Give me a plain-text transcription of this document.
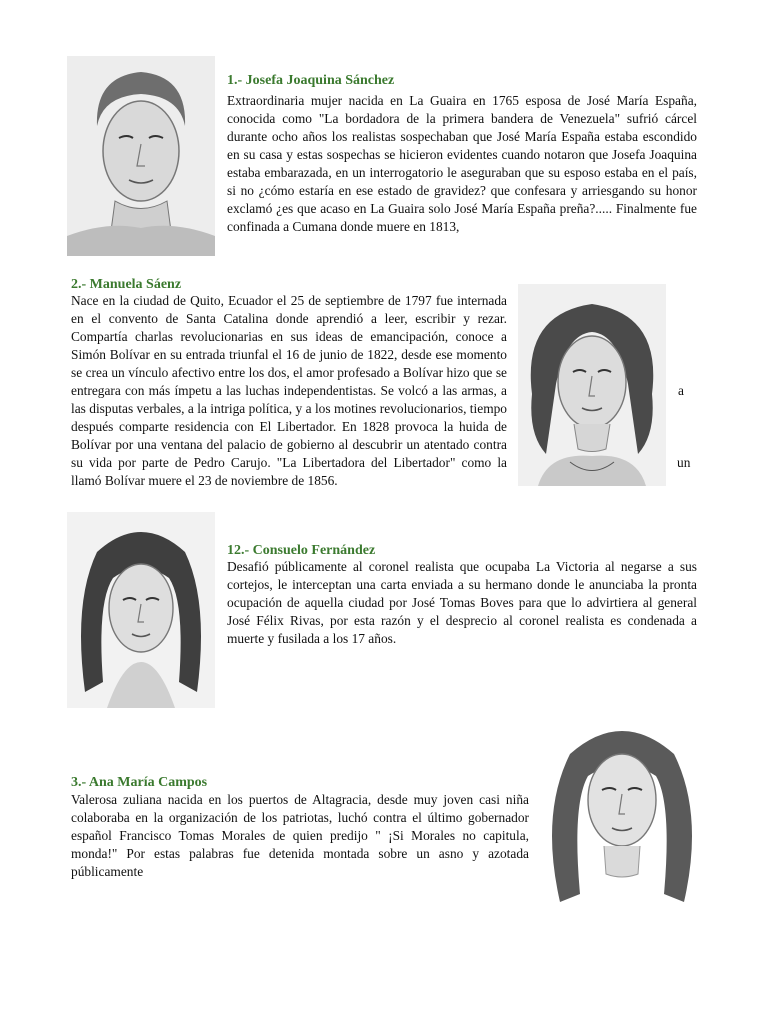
1.- Josefa Joaquina Sánchez
Extraordinaria mujer nacida en La Guaira en 1765 esposa de José María España, conocida como "La bordadora de la primera bandera de Venezuela" sufrió cárcel durante ocho años los realistas sospechaban que José María España estaba escondido en su casa y estas sospechas se hicieron evidentes cuando notaron que Josefa Joaquina estaba embarazada, en un interrogatorio le aseguraban que su esposo estaba en el país, si no ¿cómo estaría en ese estado de gravidez? que confesara y arriesgando su honor exclamó ¿es que acaso en La Guaira solo José María España preña?..... Finalmente fue confinada a Cumana donde muere en 1813,
2.- Manuela Sáenz
Nace en la ciudad de Quito, Ecuador el 25 de septiembre de 1797 fue internada en el convento de Santa Catalina donde aprendió a leer, escribir y rezar. Compartía charlas revolucionarias en sus ideas de emancipación, conoce a Simón Bolívar en su entrada triunfal el 16 de junio de 1822, desde ese momento se crea un vínculo afectivo entre los dos, el amor profesado a Bolívar hizo que se entregara con más ímpetu a las luchas independentistas. Se volcó a las armas, a las disputas verbales, a la intriga política, y a los motines revolucionarios, tiempo después comparte residencia con El Libertador. En 1828 provoca la huida de Bolívar por una ventana del palacio de gobierno al descubrir un atentado contra su vida por parte de Pedro Carujo. "La Libertadora del Libertador" como la llamó Bolívar muere el 23 de noviembre de 1856.
a
un
12.- Consuelo Fernández
Desafió públicamente al coronel realista que ocupaba La Victoria al negarse a sus cortejos, le interceptan una carta enviada a su hermano donde le anunciaba la pronta ocupación de aquella ciudad por José Tomas Boves para que lo advirtiera al general José Félix Rivas, por esta razón y el desprecio al coronel realista es condenada a muerte y fusilada a los 17 años.
3.- Ana María Campos
Valerosa zuliana nacida en los puertos de Altagracia, desde muy joven casi niña colaboraba en la organización de los patriotas, luchó contra el último gobernador español Francisco Tomas Morales de quien predijo " ¡Si Morales no capitula, monda!" Por estas palabras fue detenida montada sobre un asno y azotada públicamente
